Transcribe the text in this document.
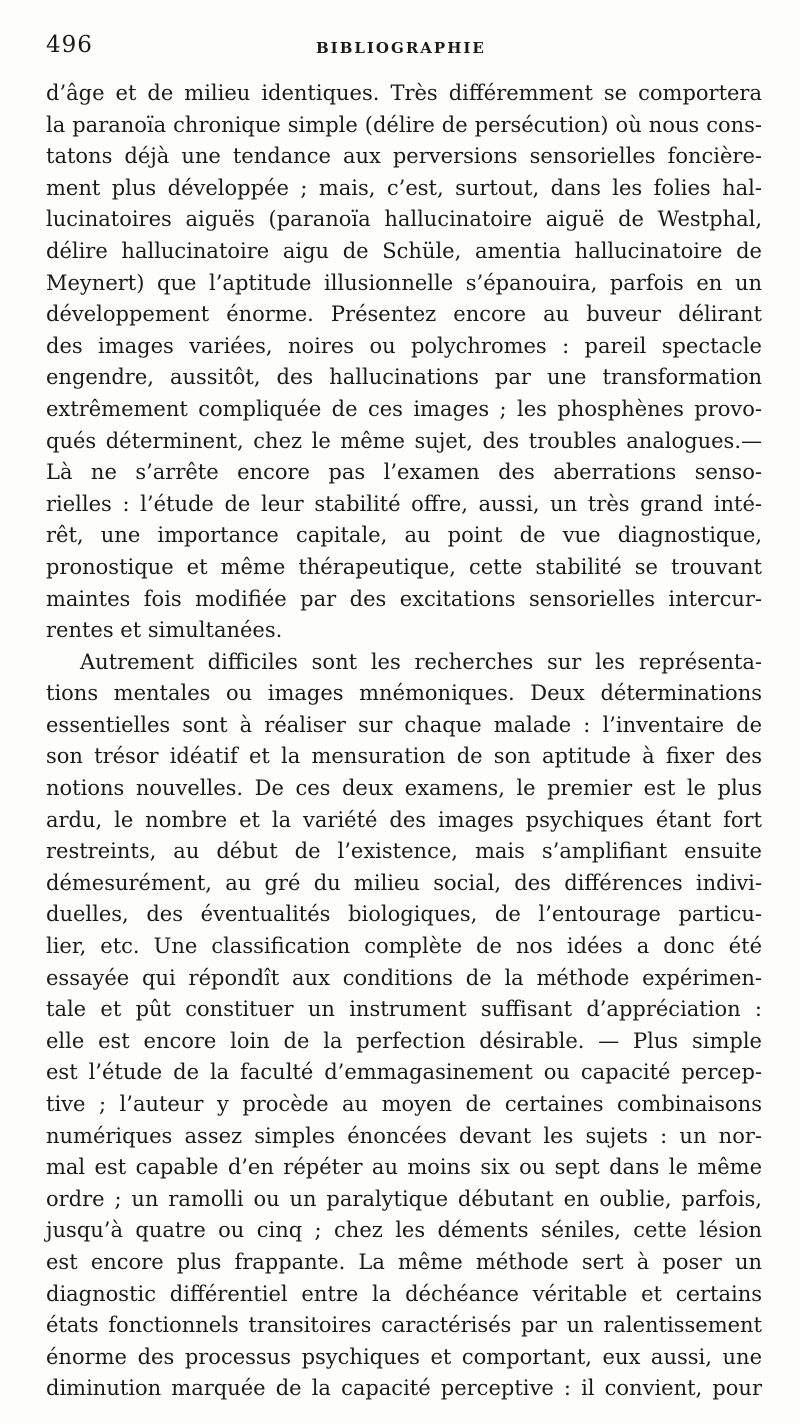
496	BIBLIOGRAPHIE
d’âge et de milieu identiques. Très différemment se comportera
la paranoïa chronique simple (délire de persécution) où nous cons-
tatons déjà une tendance aux perversions sensorielles foncière-
ment plus développée ; mais, c’est, surtout, dans les folies hal-
lucinatoires aiguës (paranoïa hallucinatoire aiguë de Westphal,
délire hallucinatoire aigu de Schüle, amentia hallucinatoire de
Meynert) que l’aptitude illusionnelle s’épanouira, parfois en un
développement énorme. Présentez encore au buveur délirant
des images variées, noires ou polychromes : pareil spectacle
engendre, aussitôt, des hallucinations par une transformation
extrêmement compliquée de ces images ; les phosphènes provo-
qués déterminent, chez le même sujet, des troubles analogues.—
Là ne s’arrête encore pas l’examen des aberrations senso-
rielles : l’étude de leur stabilité offre, aussi, un très grand inté-
rêt, une importance capitale, au point de vue diagnostique,
pronostique et même thérapeutique, cette stabilité se trouvant
maintes fois modifiée par des excitations sensorielles intercur-
rentes et simultanées.
Autrement difficiles sont les recherches sur les représenta-
tions mentales ou images mnémoniques. Deux déterminations
essentielles sont à réaliser sur chaque malade : l’inventaire de
son trésor idéatif et la mensuration de son aptitude à fixer des
notions nouvelles. De ces deux examens, le premier est le plus
ardu, le nombre et la variété des images psychiques étant fort
restreints, au début de l’existence, mais s’amplifiant ensuite
démesurément, au gré du milieu social, des différences indivi-
duelles, des éventualités biologiques, de l’entourage particu-
lier, etc. Une classification complète de nos idées a donc été
essayée qui répondît aux conditions de la méthode expérimen-
tale et pût constituer un instrument suffisant d’appréciation :
elle est encore loin de la perfection désirable. — Plus simple
est l’étude de la faculté d’emmagasinement ou capacité percep-
tive ; l’auteur y procède au moyen de certaines combinaisons
numériques assez simples énoncées devant les sujets : un nor-
mal est capable d’en répéter au moins six ou sept dans le même
ordre ; un ramolli ou un paralytique débutant en oublie, parfois,
jusqu’à quatre ou cinq ; chez les déments séniles, cette lésion
est encore plus frappante. La même méthode sert à poser un
diagnostic différentiel entre la déchéance véritable et certains
états fonctionnels transitoires caractérisés par un ralentissement
énorme des processus psychiques et comportant, eux aussi, une
diminution marquée de la capacité perceptive : il convient, pour
